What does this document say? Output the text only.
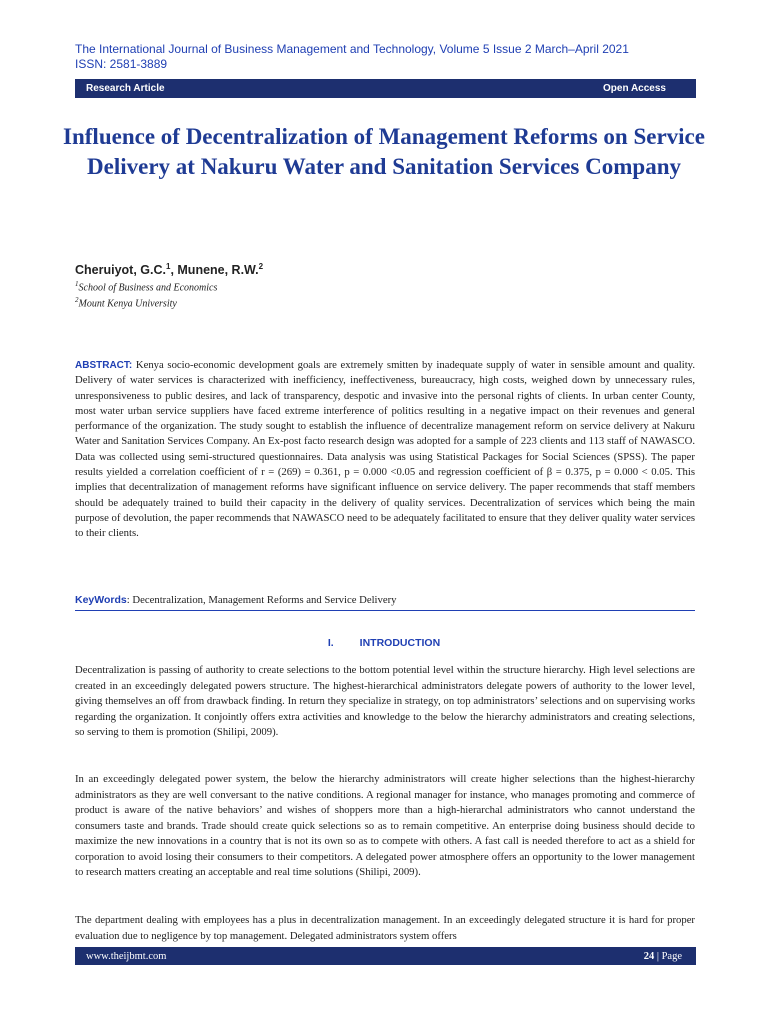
The International Journal of Business Management and Technology, Volume 5 Issue 2 March–April 2021
ISSN: 2581-3889
Research Article	Open Access
Influence of Decentralization of Management Reforms on Service Delivery at Nakuru Water and Sanitation Services Company
Cheruiyot, G.C.$^1$, Munene, R.W.$^2$
$^1$School of Business and Economics
$^2$Mount Kenya University
ABSTRACT: Kenya socio-economic development goals are extremely smitten by inadequate supply of water in sensible amount and quality. Delivery of water services is characterized with inefficiency, ineffectiveness, bureaucracy, high costs, weighed down by unnecessary rules, unresponsiveness to public desires, and lack of transparency, despotic and invasive into the personal rights of clients. In urban center County, most water urban service suppliers have faced extreme interference of politics resulting in a negative impact on their revenues and general performance of the organization. The study sought to establish the influence of decentralize management reform on service delivery at Nakuru Water and Sanitation Services Company. An Ex-post facto research design was adopted for a sample of 223 clients and 113 staff of NAWASCO. Data was collected using semi-structured questionnaires. Data analysis was using Statistical Packages for Social Sciences (SPSS). The paper results yielded a correlation coefficient of r = (269) = 0.361, p = 0.000 <0.05 and regression coefficient of β = 0.375, p = 0.000 < 0.05. This implies that decentralization of management reforms have significant influence on service delivery. The paper recommends that staff members should be adequately trained to build their capacity in the delivery of quality services. Decentralization of services which being the main purpose of devolution, the paper recommends that NAWASCO need to be adequately facilitated to ensure that they deliver quality water services to their clients.
KeyWords: Decentralization, Management Reforms and Service Delivery
I. INTRODUCTION
Decentralization is passing of authority to create selections to the bottom potential level within the structure hierarchy. High level selections are created in an exceedingly delegated powers structure. The highest-hierarchical administrators delegate powers of authority to the lower level, giving themselves an off from drawback finding. In return they specialize in strategy, on top administrators’ selections and on supervising works regarding the organization. It conjointly offers extra activities and knowledge to the below the hierarchy administrators and creating selections, so serving to them is promotion (Shilipi, 2009).
In an exceedingly delegated power system, the below the hierarchy administrators will create higher selections than the highest-hierarchy administrators as they are well conversant to the native conditions. A regional manager for instance, who manages promoting and commerce of product is aware of the native behaviors’ and wishes of shoppers more than a high-hierarchal administrators who cannot understand the consumers taste and brands. Trade should create quick selections so as to remain competitive. An enterprise doing business should decide to maximize the new innovations in a country that is not its own so as to compete with others. A fast call is needed therefore to act as a shield for corporation to avoid losing their consumers to their competitors. A delegated power atmosphere offers an opportunity to the lower management to research matters creating an acceptable and real time solutions (Shilipi, 2009).
The department dealing with employees has a plus in decentralization management. In an exceedingly delegated structure it is hard for proper evaluation due to negligence by top management. Delegated administrators system offers
www.theijbmt.com	24 | Page
